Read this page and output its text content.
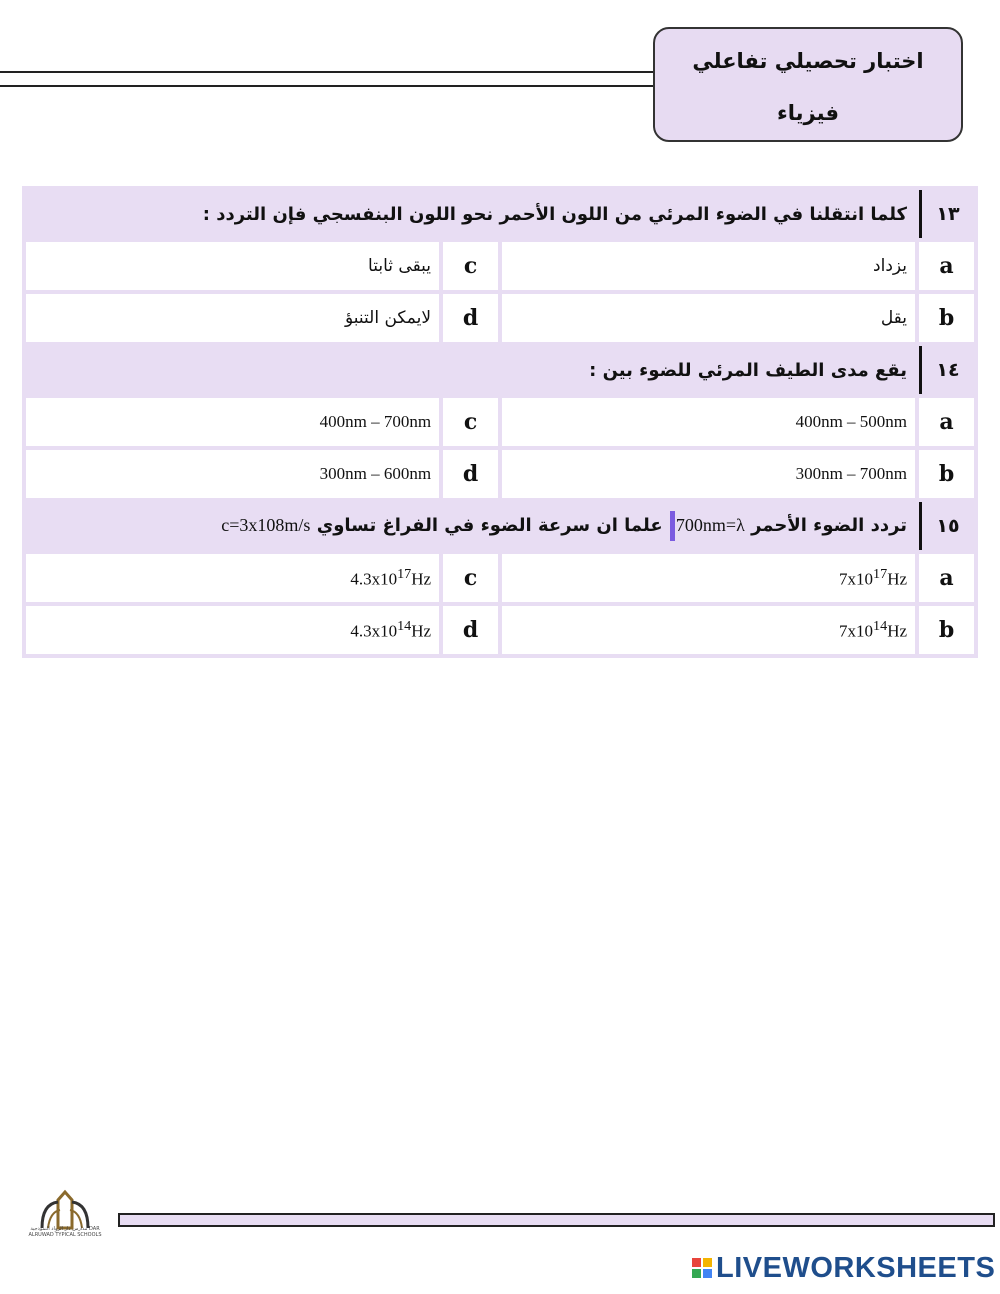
اختبار تحصيلي تفاعلي
فيزياء
كلما انتقلنا في الضوء المرئي من اللون الأحمر نحو اللون البنفسجي فإن التردد :			١٣
يبقى ثابتا	c	يزداد	a
لايمكن التنبؤ	d	يقل	b
يقع مدى الطيف المرئي للضوء بين :			١٤
400nm – 700nm	c	400nm – 500nm	a
300nm – 600nm	d	300nm – 700nm	b
تردد الضوء الأحمر 700nm=λ علما ان سرعة الضوء في الفراغ تساوي c=3x108m/s			١٥
$4.3x10^{17}Hz$	c	$7x10^{17}Hz$	a
$4.3x10^{14}Hz$	d	$7x10^{14}Hz$	b
مدارس دار الرواد النموذجية DAR ALRUWAD TYPICAL SCHOOLS
LIVEWORKSHEETS
